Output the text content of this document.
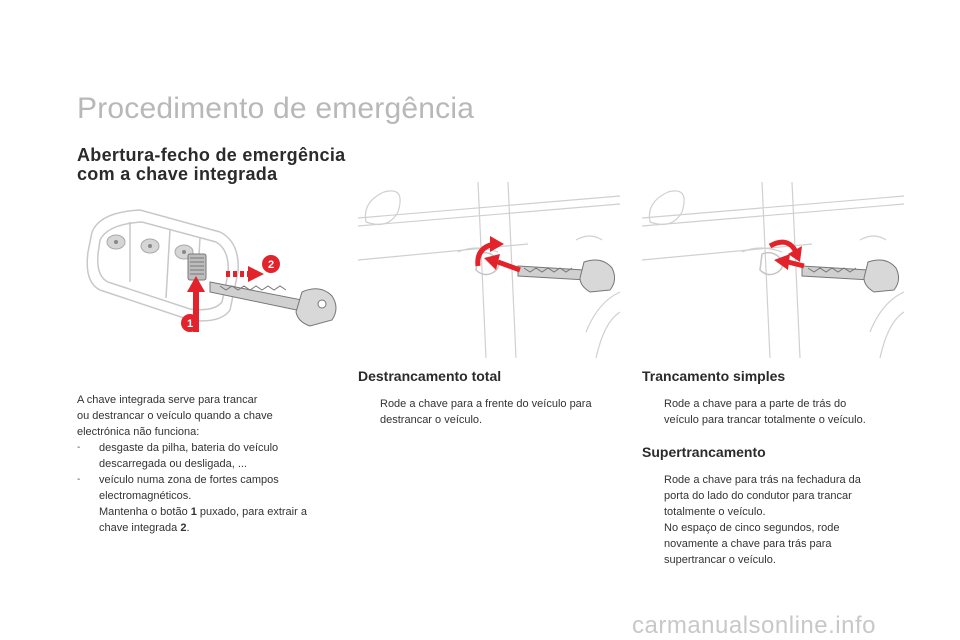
Procedimento de emergência
Abertura-fecho de emergência
com a chave integrada
1
2

A chave integrada serve para trancar

ou destrancar o veículo quando a chave

electrónica não funciona:

- desgaste da pilha, bateria do veículo
descarregada ou desligada, ...
- veículo numa zona de fortes campos
electromagnéticos.
Mantenha o botão 1 puxado, para extrair a
chave integrada 2.
Destrancamento total
Rode a chave para a frente do veículo para
destrancar o veículo.
Trancamento simples
Rode a chave para a parte de trás do
veículo para trancar totalmente o veículo.
Supertrancamento
Rode a chave para trás na fechadura da
porta do lado do condutor para trancar
totalmente o veículo.
No espaço de cinco segundos, rode
novamente a chave para trás para
supertrancar o veículo.
carmanualsonline.info
